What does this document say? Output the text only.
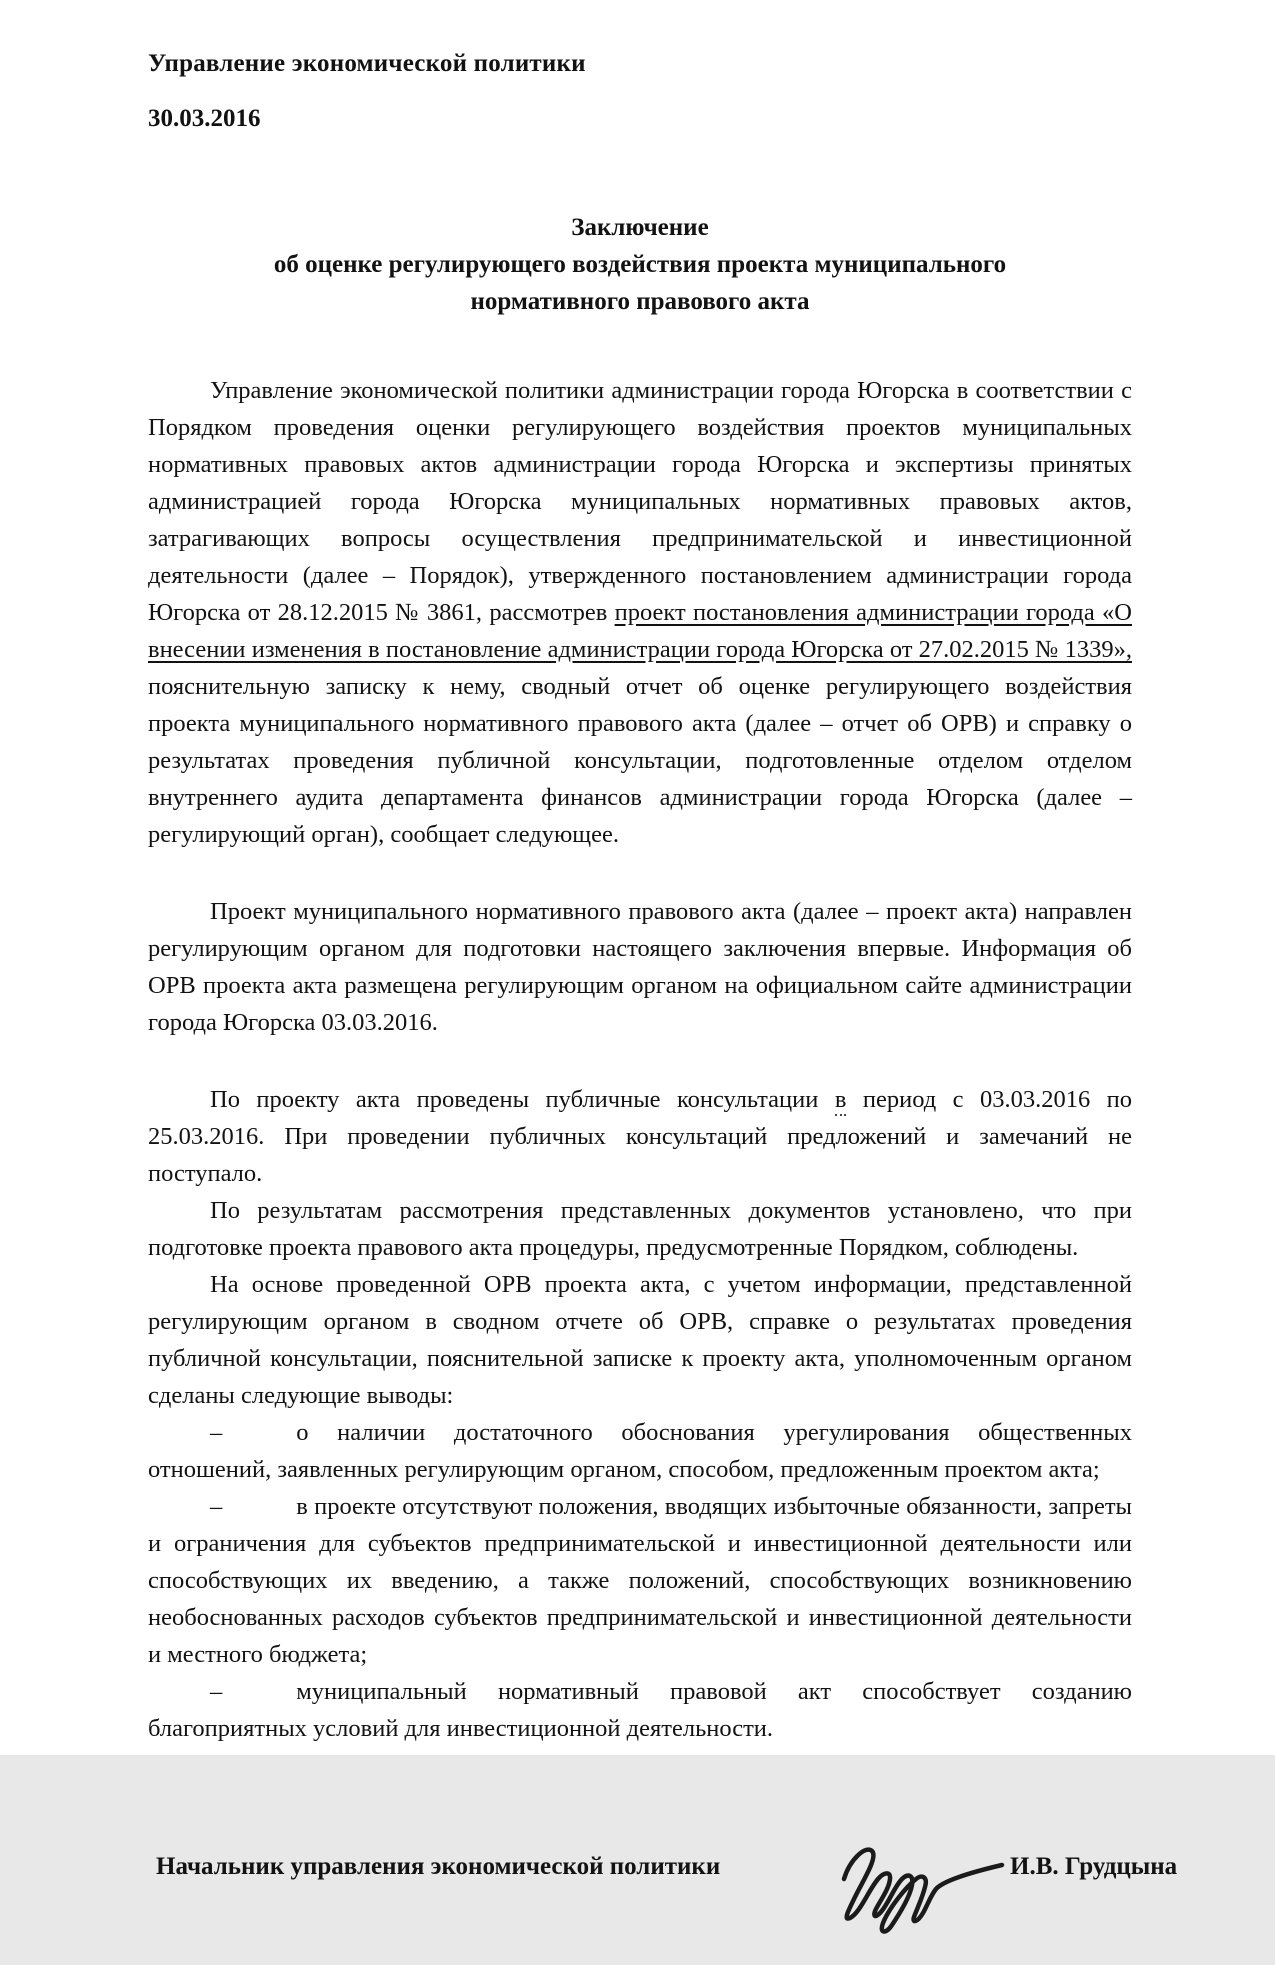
Управление экономической политики
30.03.2016
Заключение
об оценке регулирующего воздействия проекта муниципального
нормативного правового акта

Управление экономической политики администрации города Югорска в соответствии с Порядком проведения оценки регулирующего воздействия проектов муниципальных нормативных правовых актов администрации города Югорска и экспертизы принятых администрацией города Югорска муниципальных нормативных правовых актов, затрагивающих вопросы осуществления предпринимательской и инвестиционной деятельности (далее – Порядок), утвержденного постановлением администрации города Югорска от 28.12.2015 № 3861, рассмотрев проект постановления администрации города «О внесении изменения в постановление администрации города Югорска от 27.02.2015 № 1339», пояснительную записку к нему, сводный отчет об оценке регулирующего воздействия проекта муниципального нормативного правового акта (далее – отчет об ОРВ) и справку о результатах проведения публичной консультации, подготовленные отделом отделом внутреннего аудита департамента финансов администрации города Югорска (далее – регулирующий орган), сообщает следующее.

Проект муниципального нормативного правового акта (далее – проект акта) направлен регулирующим органом для подготовки настоящего заключения впервые. Информация об ОРВ проекта акта размещена регулирующим органом на официальном сайте администрации города Югорска 03.03.2016.

По проекту акта проведены публичные консультации в период с 03.03.2016 по 25.03.2016. При проведении публичных консультаций предложений и замечаний не поступало.

По результатам рассмотрения представленных документов установлено, что при подготовке проекта правового акта процедуры, предусмотренные Порядком, соблюдены.

На основе проведенной ОРВ проекта акта, с учетом информации, представленной регулирующим органом в сводном отчете об ОРВ, справке о результатах проведения публичной консультации, пояснительной записке к проекту акта, уполномоченным органом сделаны следующие выводы:

–	о наличии достаточного обоснования урегулирования общественных отношений, заявленных регулирующим органом, способом, предложенным проектом акта;

–	в проекте отсутствуют положения, вводящих избыточные обязанности, запреты и ограничения для субъектов предпринимательской и инвестиционной деятельности или способствующих их введению, а также положений, способствующих возникновению необоснованных расходов субъектов предпринимательской и инвестиционной деятельности и местного бюджета;

–	муниципальный нормативный правовой акт способствует созданию благоприятных условий для инвестиционной деятельности.

Начальник управления экономической политики	И.В. Грудцына
